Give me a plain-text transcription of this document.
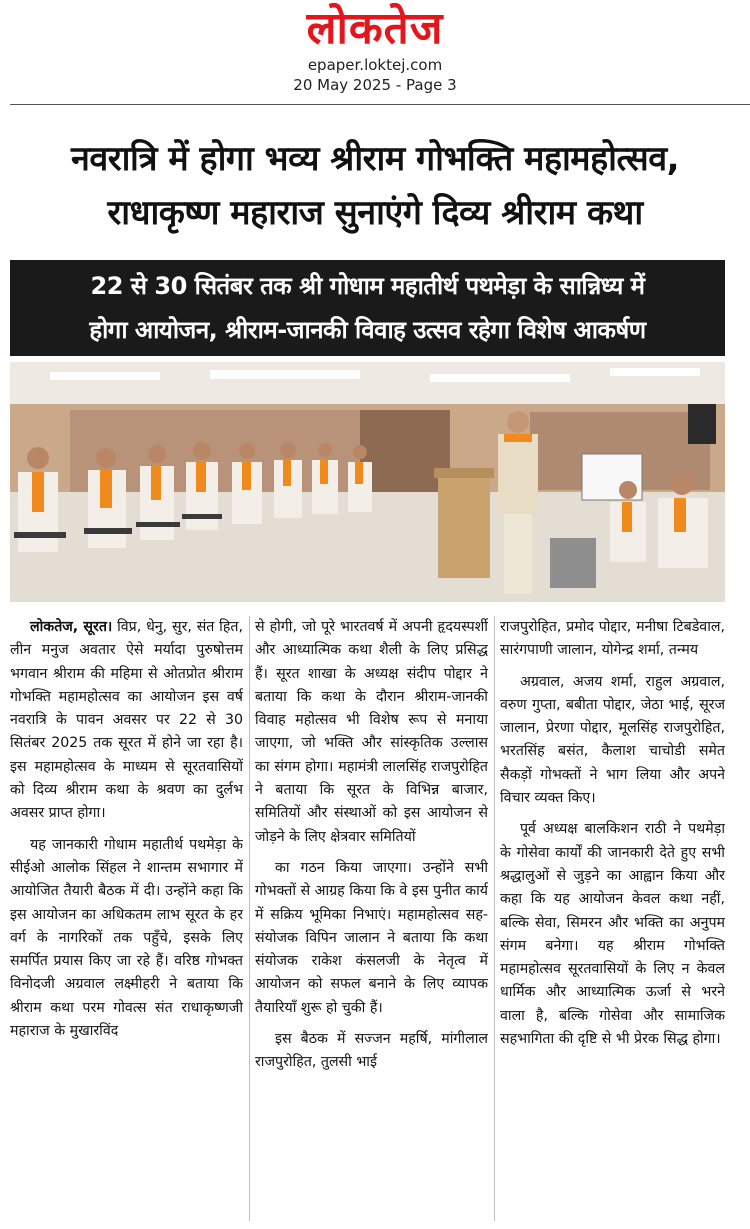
लोकतेज
epaper.loktej.com
20 May 2025 - Page 3
नवरात्रि में होगा भव्य श्रीराम गोभक्ति महामहोत्सव,
राधाकृष्ण महाराज सुनाएंगे दिव्य श्रीराम कथा
22 से 30 सितंबर तक श्री गोधाम महातीर्थ पथमेड़ा के सान्निध्य में
होगा आयोजन, श्रीराम-जानकी विवाह उत्सव रहेगा विशेष आकर्षण

लोकतेज, सूरत। विप्र, धेनु, सुर, संत हित, लीन मनुज अवतार ऐसे मर्यादा पुरुषोत्तम भगवान श्रीराम की महिमा से ओतप्रोत श्रीराम गोभक्ति महामहोत्सव का आयोजन इस वर्ष नवरात्रि के पावन अवसर पर 22 से 30 सितंबर 2025 तक सूरत में होने जा रहा है। इस महामहोत्सव के माध्यम से सूरतवासियों को दिव्य श्रीराम कथा के श्रवण का दुर्लभ अवसर प्राप्त होगा।

यह जानकारी गोधाम महातीर्थ पथमेड़ा के सीईओ आलोक सिंहल ने शान्तम सभागार में आयोजित तैयारी बैठक में दी। उन्होंने कहा कि इस आयोजन का अधिकतम लाभ सूरत के हर वर्ग के नागरिकों तक पहुँचे, इसके लिए समर्पित प्रयास किए जा रहे हैं। वरिष्ठ गोभक्त विनोदजी अग्रवाल लक्ष्मीहरी ने बताया कि श्रीराम कथा परम गोवत्स संत राधाकृष्णजी महाराज के मुखारविंद

से होगी, जो पूरे भारतवर्ष में अपनी हृदयस्पर्शी और आध्यात्मिक कथा शैली के लिए प्रसिद्ध हैं। सूरत शाखा के अध्यक्ष संदीप पोद्दार ने बताया कि कथा के दौरान श्रीराम-जानकी विवाह महोत्सव भी विशेष रूप से मनाया जाएगा, जो भक्ति और सांस्कृतिक उल्लास का संगम होगा। महामंत्री लालसिंह राजपुरोहित ने बताया कि सूरत के विभिन्न बाजार, समितियों और संस्थाओं को इस आयोजन से जोड़ने के लिए क्षेत्रवार समितियों

का गठन किया जाएगा। उन्होंने सभी गोभक्तों से आग्रह किया कि वे इस पुनीत कार्य में सक्रिय भूमिका निभाएं। महामहोत्सव सह-संयोजक विपिन जालान ने बताया कि कथा संयोजक राकेश कंसलजी के नेतृत्व में आयोजन को सफल बनाने के लिए व्यापक तैयारियाँ शुरू हो चुकी हैं।

इस बैठक में सज्जन महर्षि, मांगीलाल राजपुरोहित, तुलसी भाई

राजपुरोहित, प्रमोद पोद्दार, मनीषा टिबडेवाल, सारंगपाणी जालान, योगेन्द्र शर्मा, तन्मय

अग्रवाल, अजय शर्मा, राहुल अग्रवाल, वरुण गुप्ता, बबीता पोद्दार, जेठा भाई, सूरज जालान, प्रेरणा पोद्दार, मूलसिंह राजपुरोहित, भरतसिंह बसंत, कैलाश चाचोडी समेत सैकड़ों गोभक्तों ने भाग लिया और अपने विचार व्यक्त किए।

पूर्व अध्यक्ष बालकिशन राठी ने पथमेड़ा के गोसेवा कार्यों की जानकारी देते हुए सभी श्रद्धालुओं से जुड़ने का आह्वान किया और कहा कि यह आयोजन केवल कथा नहीं, बल्कि सेवा, सिमरन और भक्ति का अनुपम संगम बनेगा। यह श्रीराम गोभक्ति महामहोत्सव सूरतवासियों के लिए न केवल धार्मिक और आध्यात्मिक ऊर्जा से भरने वाला है, बल्कि गोसेवा और सामाजिक सहभागिता की दृष्टि से भी प्रेरक सिद्ध होगा।
